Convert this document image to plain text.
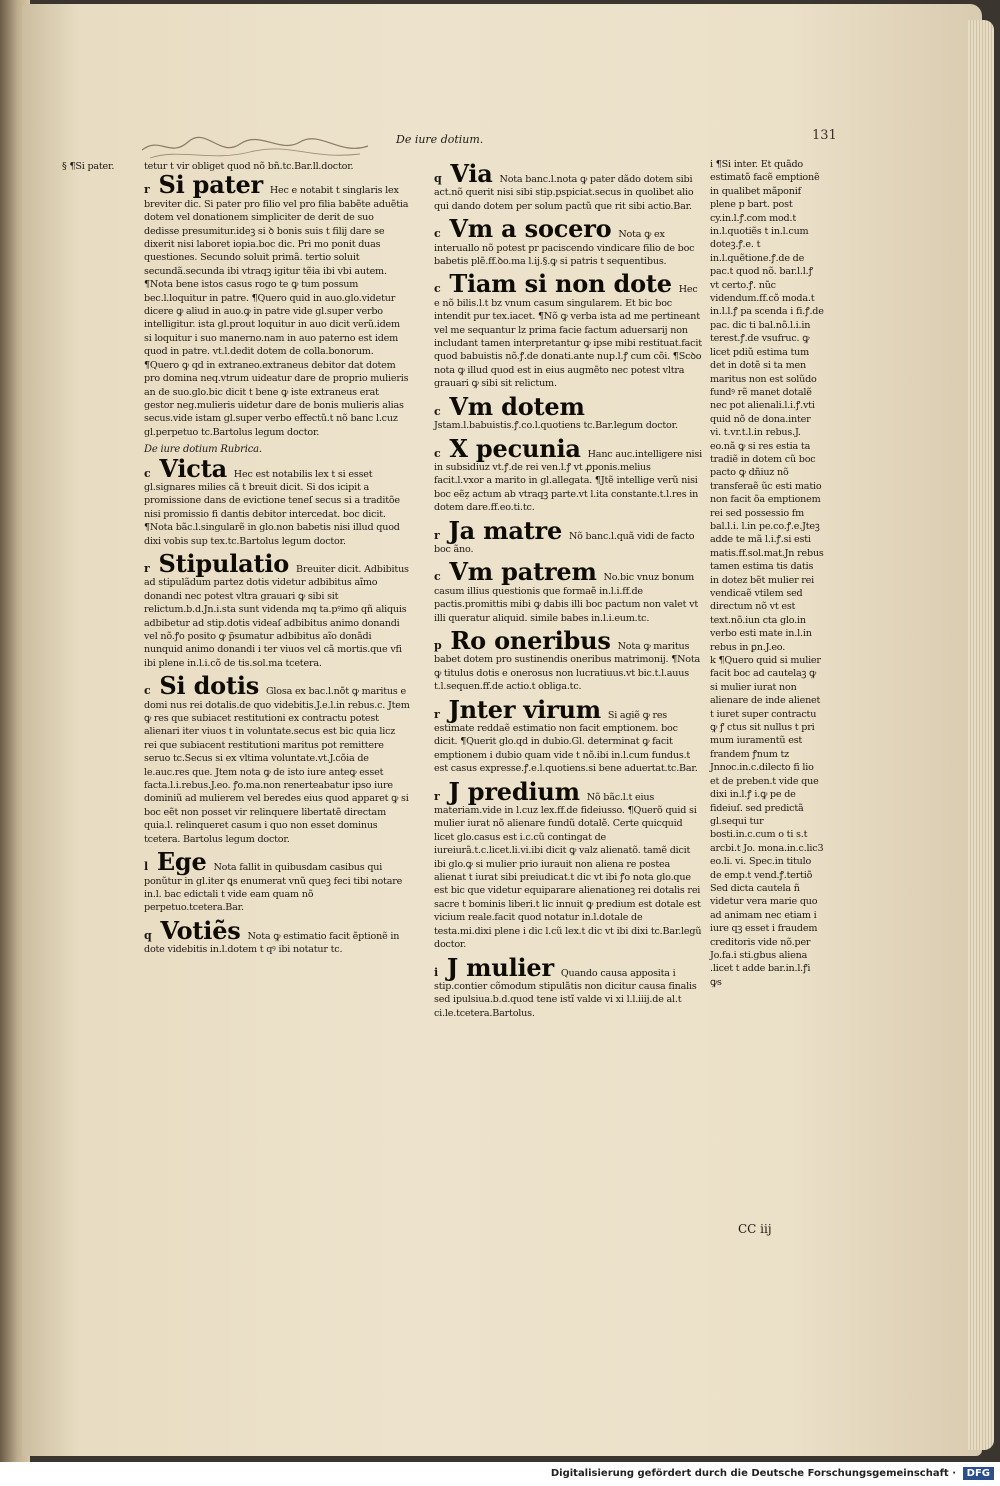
De iure dotium.	131

§ ¶Si pater.	tetur t vir obliget quod nõ bñ.tc.Bar.ll.doctor.

r Si pater Hec e notabit t singlaris lex breviter dic. Si pater pro filio vel pro filia babẽte aduẽtia dotem vel donationem simpliciter de derit de suo dedisse presumitur.ideꝫ si ꝺ bonis suis t filij dare se dixerit nisi laboret iopia.boc dic. Pri mo ponit duas questiones. Secundo soluit primã. tertio soluit secundã.secunda ibi vtraqꝫ igitur tẽia ibi vbi autem. ¶Nota bene istos casus rogo te ꝙ tum possum bec.l.loquitur in patre. ¶Quero quid in auo.glo.videtur dicere ꝙ aliud in auo.ꝙ in patre vide gl.super verbo intelligitur. ista gl.prout loquitur in auo dicit verũ.idem si loquitur i suo manerno.nam in auo paterno est idem quod in patre. vt.l.dedit dotem de colla.bonorum. ¶Quero ꝙ qd in extraneo.extraneus debitor dat dotem pro domina neq.vtrum uideatur dare de proprio mulieris an de suo.glo.bic dicit t bene ꝙ iste extraneus erat gestor neg.mulieris uidetur dare de bonis mulieris alias secus.vide istam gl.super verbo effectũ.t nõ banc l.cuz gl.perpetuo tc.Bartolus legum doctor.

De iure dotium Rubrica.

c Victa Hec est notabilis lex t si esset gl.signares milies cã t breuit dicit. Si dos icipit a promissione dans de evictione teneſ secus si a traditõe nisi promissio fi dantis debitor intercedat. boc dicit. ¶Nota bãc.l.singularẽ in glo.non babetis nisi illud quod dixi vobis sup tex.tc.Bartolus legum doctor.
r Stipulatio Breuiter dicit. Adbibitus ad stipulãdum partez dotis videtur adbibitus aĩmo donandi nec potest vltra grauari ꝙ sibi sit relictum.b.d.Jn.i.sta sunt videnda mq ta.pꝰimo qñ aliquis adbibetur ad stip.dotis videaſ adbibitus animo donandi vel nõ.ꝭo posito ꝙ p̃sumatur adbibitus aĩo donãdi nunquid animo donandi i ter viuos vel cã mortis.que vfi ibi plene in.l.i.cõ de tis.sol.ma tcetera.
c Si dotis Glosa ex bac.l.nõt ꝙ maritus e domi nus rei dotalis.de quo videbitis.J.e.l.in rebus.c. Jtem ꝙ res que subiacet restitutioni ex contractu potest alienari iter viuos t in voluntate.secus est bic quia licz rei que subiacent restitutioni maritus pot remittere seruo tc.Secus si ex vltima voluntate.vt.J.cõia de le.auc.res que. Jtem nota ꝙ de isto iure anteꝙ esset facta.l.i.rebus.J.eo. ꝭo.ma.non renerteabatur ipso iure dominiũ ad mulierem vel beredes eius quod apparet ꝙ si boc eẽt non posset vir relinquere libertatẽ directam quia.l. relinqueret casum i quo non esset dominus tcetera. Bartolus legum doctor.
l Ege Nota fallit in quibusdam casibus qui ponũtur in gl.iter ꝗs enumerat vnũ queꝫ feci tibi notare in.l. bac edictali t vide eam quam nõ perpetuo.tcetera.Bar.
q Votiẽs Nota ꝙ estimatio facit ẽptionẽ in dote videbitis in.l.dotem t qꝰ ibi notatur tc.
q Via Nota banc.l.nota ꝙ pater dãdo dotem sibi act.nõ querit nisi sibi stip.pspiciat.secus in quolibet alio qui dando dotem per solum pactũ que rit sibi actio.Bar.
c Vm a socero Nota ꝙ ex interuallo nõ potest pr paciscendo vindicare filio de boc babetis plẽ.ff.ꝺo.ma l.ij.§.ꝙ si patris t sequentibus.
c Tiam si non dote Hec e nõ bilis.l.t bz vnum casum singularem. Et bic boc intendit pur tex.iacet. ¶Nõ ꝙ verba ista ad me pertineant vel me sequantur lz prima facie factum aduersarij non includant tamen interpretantur ꝙ ipse mibi restituat.facit quod babuistis nõ.ꝭ.de donati.ante nup.l.ꝭ cum cõi. ¶Scꝺo nota ꝙ illud quod est in eius augmẽto nec potest vltra grauari ꝙ sibi sit relictum.
c Vm dotem Jstam.l.babuistis.ꝭ.co.l.quotiens tc.Bar.legum doctor.
c X pecunia Hanc auc.intelligere nisi in subsidiuz vt.ꝭ.de rei ven.l.ꝭ vt ꝓponis.melius facit.l.vxor a marito in gl.allegata. ¶Jtẽ intellige verũ nisi boc eẽẓ actum ab vtraqꝫ parte.vt l.ita constante.t.l.res in dotem dare.ff.eo.ti.tc.
r Ja matre Nõ banc.l.quã vidi de facto boc ãno.
c Vm patrem No.bic vnuz bonum casum illius questionis que formaẽ in.l.i.ff.de pactis.promittis mibi ꝙ dabis illi boc pactum non valet vt illi queratur aliquid. simile babes in.l.i.eum.tc.
p Ro oneribus Nota ꝙ maritus babet dotem pro sustinendis oneribus matrimonij. ¶Nota ꝙ titulus dotis e onerosus non lucratiuus.vt bic.t.l.auus t.l.sequen.ff.de actio.t obliga.tc.
r Jnter virum Si agiẽ ꝙ res estimate reddaẽ estimatio non facit emptionem. boc dicit. ¶Querit glo.qd in dubio.Gl. determinat ꝙ facit emptionem i dubio quam vide t nõ.ibi in.l.cum fundus.t est casus expresse.ꝭ.e.l.quotiens.si bene aduertat.tc.Bar.
r J predium Nõ bãc.l.t eius materiam.vide in l.cuz lex.ff.de fideiusso. ¶Querõ quid si mulier iurat nõ alienare fundũ dotalẽ. Certe quicquid licet glo.casus est i.c.cũ contingat de iureiurã.t.c.licet.li.vi.ibi dicit ꝙ valz alienatõ. tamẽ dicit ibi glo.ꝙ si mulier prio iurauit non aliena re postea alienat t iurat sibi preiudicat.t dic vt ibi ꝭo nota glo.que est bic que videtur equiparare alienationeꝫ rei dotalis rei sacre t bominis liberi.t lic innuit ꝙ predium est dotale est vicium reale.facit quod notatur in.l.dotale de testa.mi.dixi plene i dic l.cũ lex.t dic vt ibi dixi tc.Bar.legũ doctor.
i J mulier Quando causa apposita i stip.contier cõmodum stipulãtis non dicitur causa finalis sed ipulsiua.b.d.quod tene istĩ valde vi xi l.l.iiij.de al.t ci.le.tcetera.Bartolus.

i ¶Si inter. Et quãdo estimatõ facẽ emptionẽ in qualibet mãponif plene p bart. post cy.in.l.ꝭ.com mod.t in.l.quotiẽs t in.l.cum doteꝫ.ꝭ.e. t in.l.quẽtione.ꝭ.de de pac.t quod nõ. bar.l.l.ꝭ vt certo.ꝭ. nũc videndum.ff.cõ moda.t in.l.l.ꝭ pa scenda i fi.ꝭ.de pac. dic ti bal.nõ.l.i.in terest.ꝭ.de vsufruc. ꝙ licet pdiũ estima tum det in dotẽ si ta men maritus non est solũdo fundꝰ rẽ manet dotalẽ nec pot alienali.l.i.ꝭ.vti quid nõ de dona.inter vi. t.vr.t.l.in rebus.J. eo.nã ꝙ si res estia ta tradiẽ in dotem cũ boc pacto ꝙ dñiuz nõ transferaẽ ũc esti matio non facit õa emptionem rei sed possessio fm bal.l.i. l.in pe.co.ꝭ.e.Jteꝫ adde te mã l.i.ꝭ.si esti matis.ff.sol.mat.Jn rebus tamen estima tis datis in dotez bẽt mulier rei vendicaẽ vtilem sed directum nõ vt est text.nõ.iun cta glo.in verbo esti mate in.l.in rebus in ꝑn.J.eo.

k ¶Quero quid si mulier facit boc ad cautelaꝫ ꝙ si mulier iurat non alienare de inde alienet t iuret super contractu ꝙ ꝭ ctus sit nullus t pri mum iuramentũ est frandem ꝭnum tz Jnnoc.in.c.dilecto fi lio et de preben.t vide que dixi in.l.ꝭ i.ꝙ pe de fideiuſ. sed predictã gl.sequi tur bosti.in.c.cum o ti s.t arcbi.t Jo. mona.in.c.lic3 eo.li. vi. Spec.in titulo de emp.t vend.ꝭ.tertiõ Sed dicta cautela ñ videtur vera marie quo ad animam nec etiam i iure qꝫ esset i fraudem creditoris vide nõ.per Jo.fa.i sti.gbus aliena .licet t adde bar.in.l.ꝭi ꝙs

CC iij
Digitalisierung gefördert durch die Deutsche Forschungsgemeinschaft ·	DFG
